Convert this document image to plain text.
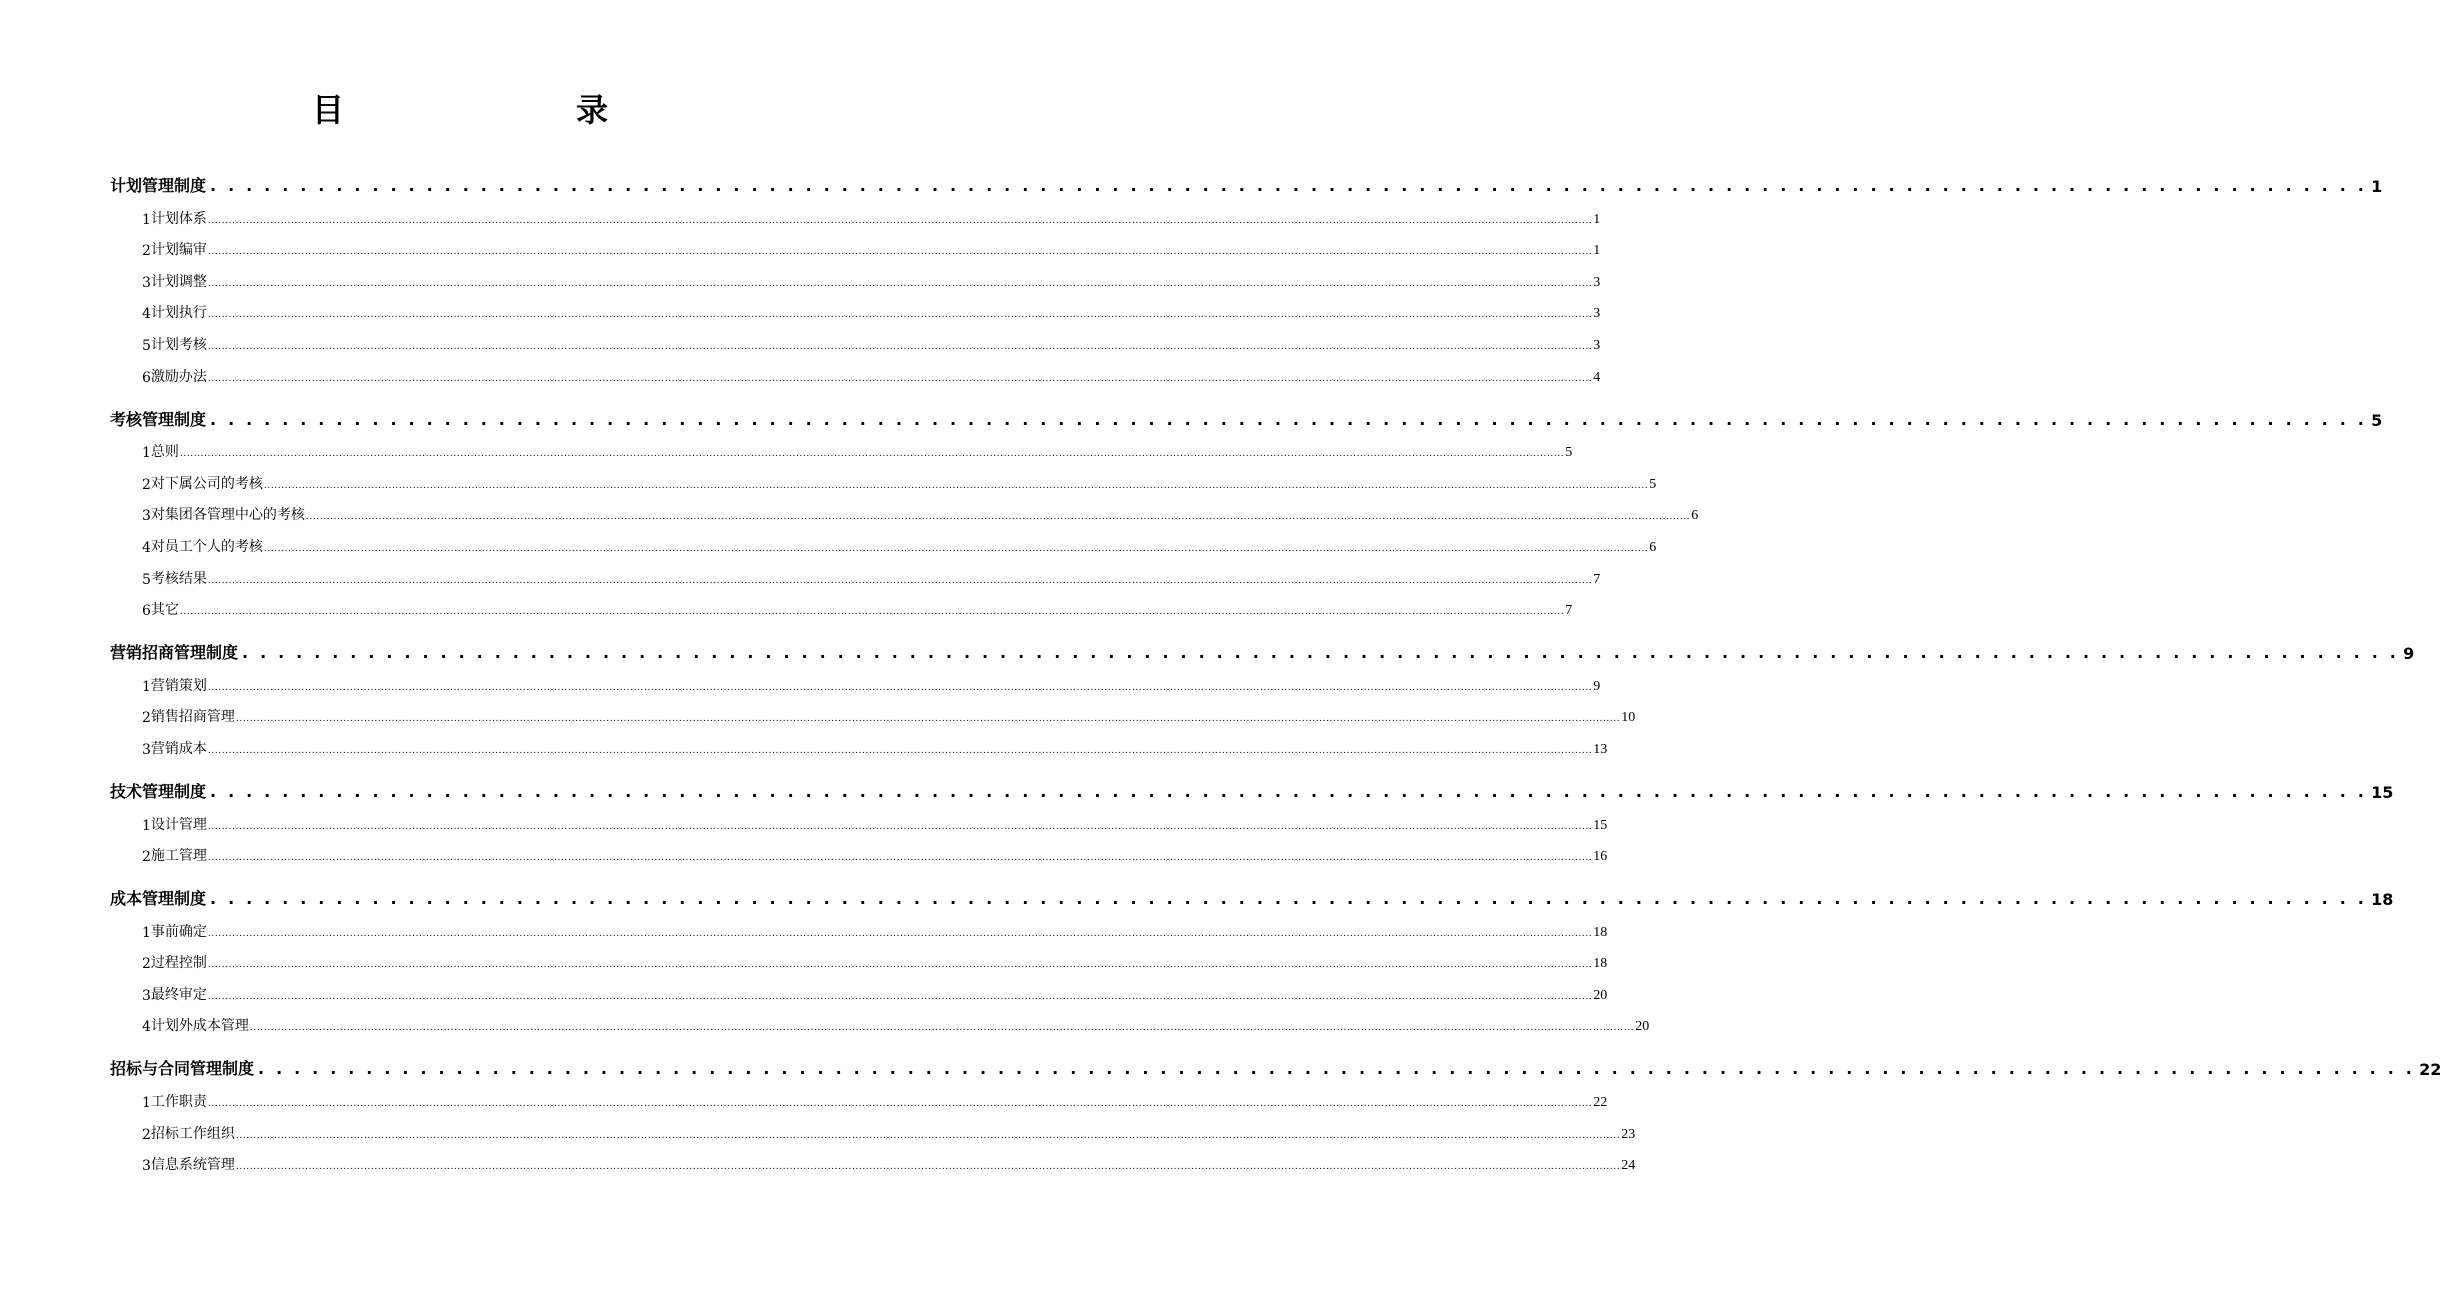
目　　录
计划管理制度 . . . . . . . . . . . . . . . . . . . . . . . . . . . . . . . . . . . . . . . . . . . . . . . . . . . . . . . . . . . . . . . . . . . . . . . . . . . . . . . . . . . . . . . . . . . . . . . . . . . . . . . . . . . . . . . . . . . . . . . . 1
1 计划体系 ................................................................................................................................................................................................................................................................................................................................................................................................................ 1
2 计划编审 ................................................................................................................................................................................................................................................................................................................................................................................................................ 1
3 计划调整 ................................................................................................................................................................................................................................................................................................................................................................................................................ 3
4 计划执行 ................................................................................................................................................................................................................................................................................................................................................................................................................ 3
5 计划考核 ................................................................................................................................................................................................................................................................................................................................................................................................................ 3
6 激励办法 ................................................................................................................................................................................................................................................................................................................................................................................................................ 4
考核管理制度 . . . . . . . . . . . . . . . . . . . . . . . . . . . . . . . . . . . . . . . . . . . . . . . . . . . . . . . . . . . . . . . . . . . . . . . . . . . . . . . . . . . . . . . . . . . . . . . . . . . . . . . . . . . . . . . . . . . . . . . . 5
1 总则 ................................................................................................................................................................................................................................................................................................................................................................................................................ 5
2 对下属公司的考核 ................................................................................................................................................................................................................................................................................................................................................................................................................ 5
3 对集团各管理中心的考核 ................................................................................................................................................................................................................................................................................................................................................................................................................ 6
4 对员工个人的考核 ................................................................................................................................................................................................................................................................................................................................................................................................................ 6
5 考核结果 ................................................................................................................................................................................................................................................................................................................................................................................................................ 7
6 其它 ................................................................................................................................................................................................................................................................................................................................................................................................................ 7
营销招商管理制度 . . . . . . . . . . . . . . . . . . . . . . . . . . . . . . . . . . . . . . . . . . . . . . . . . . . . . . . . . . . . . . . . . . . . . . . . . . . . . . . . . . . . . . . . . . . . . . . . . . . . . . . . . . . . . . . . . . . . . . . . 9
1 营销策划 ................................................................................................................................................................................................................................................................................................................................................................................................................ 9
2 销售招商管理 ................................................................................................................................................................................................................................................................................................................................................................................................................ 10
3 营销成本 ................................................................................................................................................................................................................................................................................................................................................................................................................ 13
技术管理制度 . . . . . . . . . . . . . . . . . . . . . . . . . . . . . . . . . . . . . . . . . . . . . . . . . . . . . . . . . . . . . . . . . . . . . . . . . . . . . . . . . . . . . . . . . . . . . . . . . . . . . . . . . . . . . . . . . . . . . . . . 15
1 设计管理 ................................................................................................................................................................................................................................................................................................................................................................................................................ 15
2 施工管理 ................................................................................................................................................................................................................................................................................................................................................................................................................ 16
成本管理制度 . . . . . . . . . . . . . . . . . . . . . . . . . . . . . . . . . . . . . . . . . . . . . . . . . . . . . . . . . . . . . . . . . . . . . . . . . . . . . . . . . . . . . . . . . . . . . . . . . . . . . . . . . . . . . . . . . . . . . . . . 18
1 事前确定 ................................................................................................................................................................................................................................................................................................................................................................................................................ 18
2 过程控制 ................................................................................................................................................................................................................................................................................................................................................................................................................ 18
3 最终审定 ................................................................................................................................................................................................................................................................................................................................................................................................................ 20
4 计划外成本管理 ................................................................................................................................................................................................................................................................................................................................................................................................................ 20
招标与合同管理制度 . . . . . . . . . . . . . . . . . . . . . . . . . . . . . . . . . . . . . . . . . . . . . . . . . . . . . . . . . . . . . . . . . . . . . . . . . . . . . . . . . . . . . . . . . . . . . . . . . . . . . . . . . . . . . . . . . . . . . . . . 22
1 工作职责 ................................................................................................................................................................................................................................................................................................................................................................................................................ 22
2 招标工作组织 ................................................................................................................................................................................................................................................................................................................................................................................................................ 23
3 信息系统管理 ................................................................................................................................................................................................................................................................................................................................................................................................................ 24
